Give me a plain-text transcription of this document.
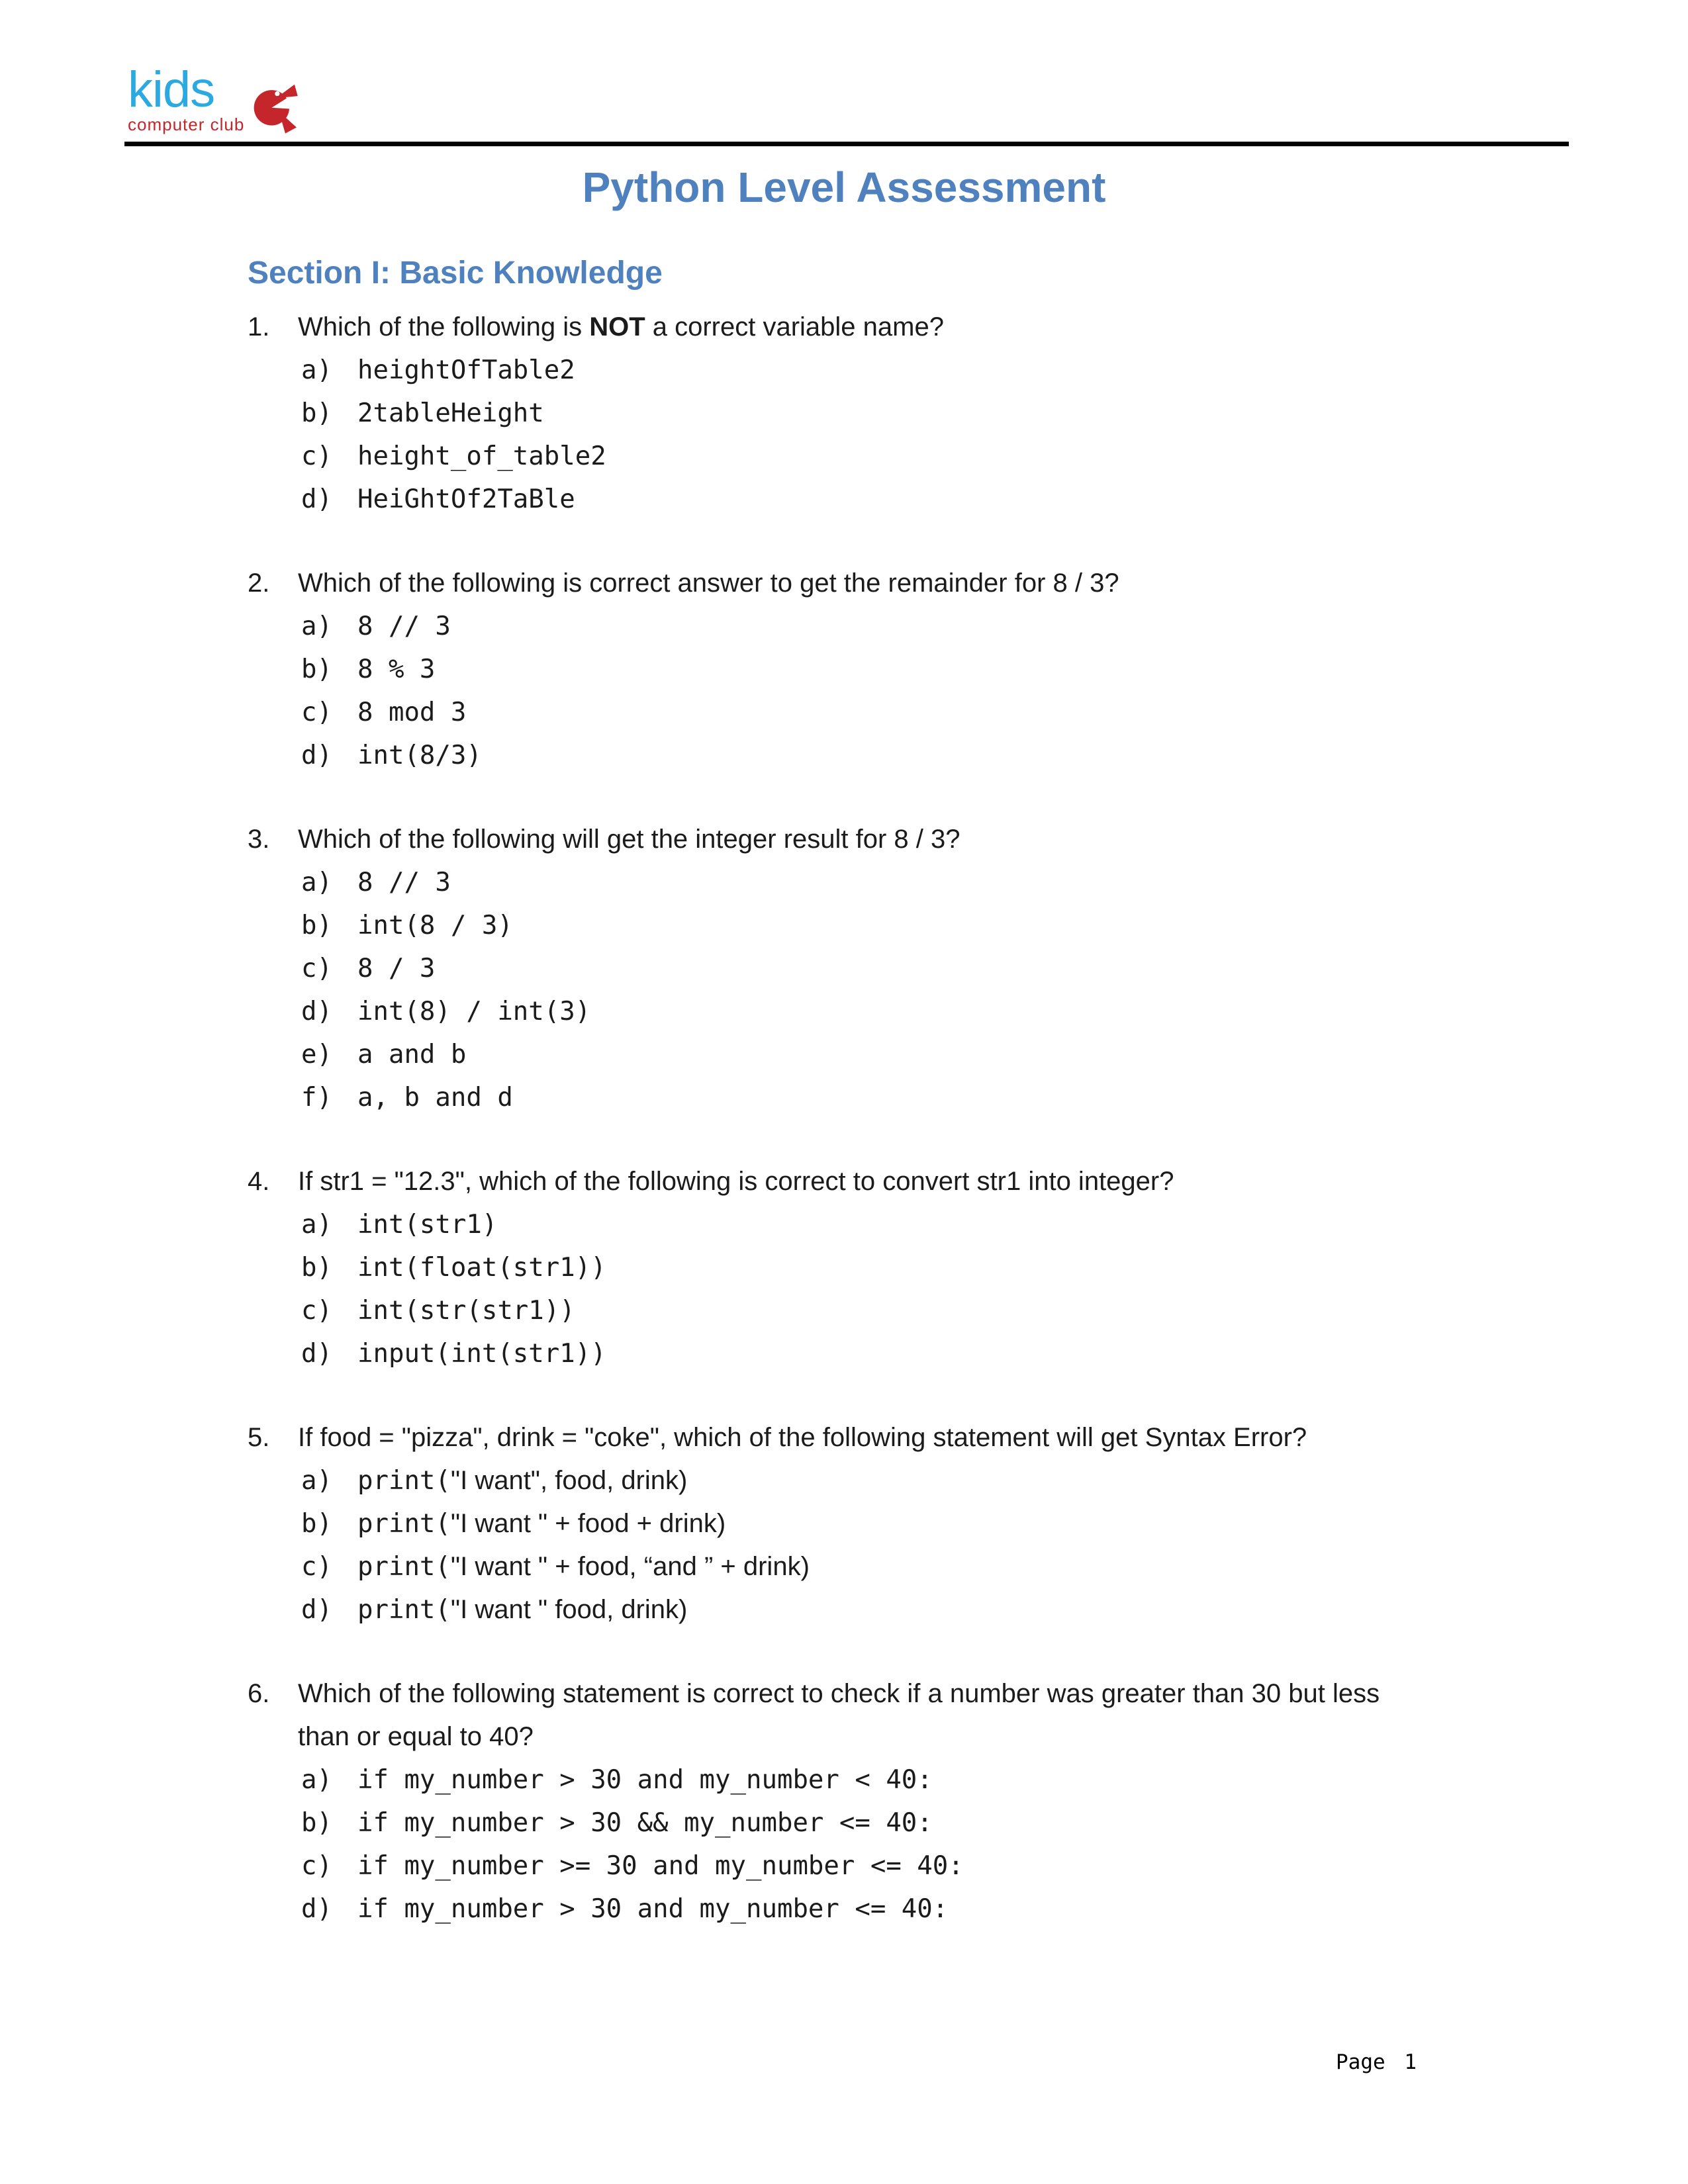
kids
computer club
Python Level Assessment
Section I: Basic Knowledge
1.	Which of the following is NOT a correct variable name?
a) heightOfTable2
b) 2tableHeight
c) height_of_table2
d) HeiGhtOf2TaBle
2.	Which of the following is correct answer to get the remainder for 8 / 3?
a) 8 // 3
b) 8 % 3
c) 8 mod 3
d) int(8/3)
3.	Which of the following will get the integer result for 8 / 3?
a) 8 // 3
b) int(8 / 3)
c) 8 / 3
d) int(8) / int(3)
e) a and b
f) a, b and d
4.	If str1 = "12.3", which of the following is correct to convert str1 into integer?
a) int(str1)
b) int(float(str1))
c) int(str(str1))
d) input(int(str1))
5.	If food = "pizza", drink = "coke", which of the following statement will get Syntax Error?
a) print("I want", food, drink)
b) print("I want " + food + drink)
c) print("I want " + food, “and ” + drink)
d) print("I want " food, drink)
6.	Which of the following statement is correct to check if a number was greater than 30 but less
than or equal to 40?
a) if my_number > 30 and my_number < 40:
b) if my_number > 30 && my_number <= 40:
c) if my_number >= 30 and my_number <= 40:
d) if my_number > 30 and my_number <= 40:
Page 1
